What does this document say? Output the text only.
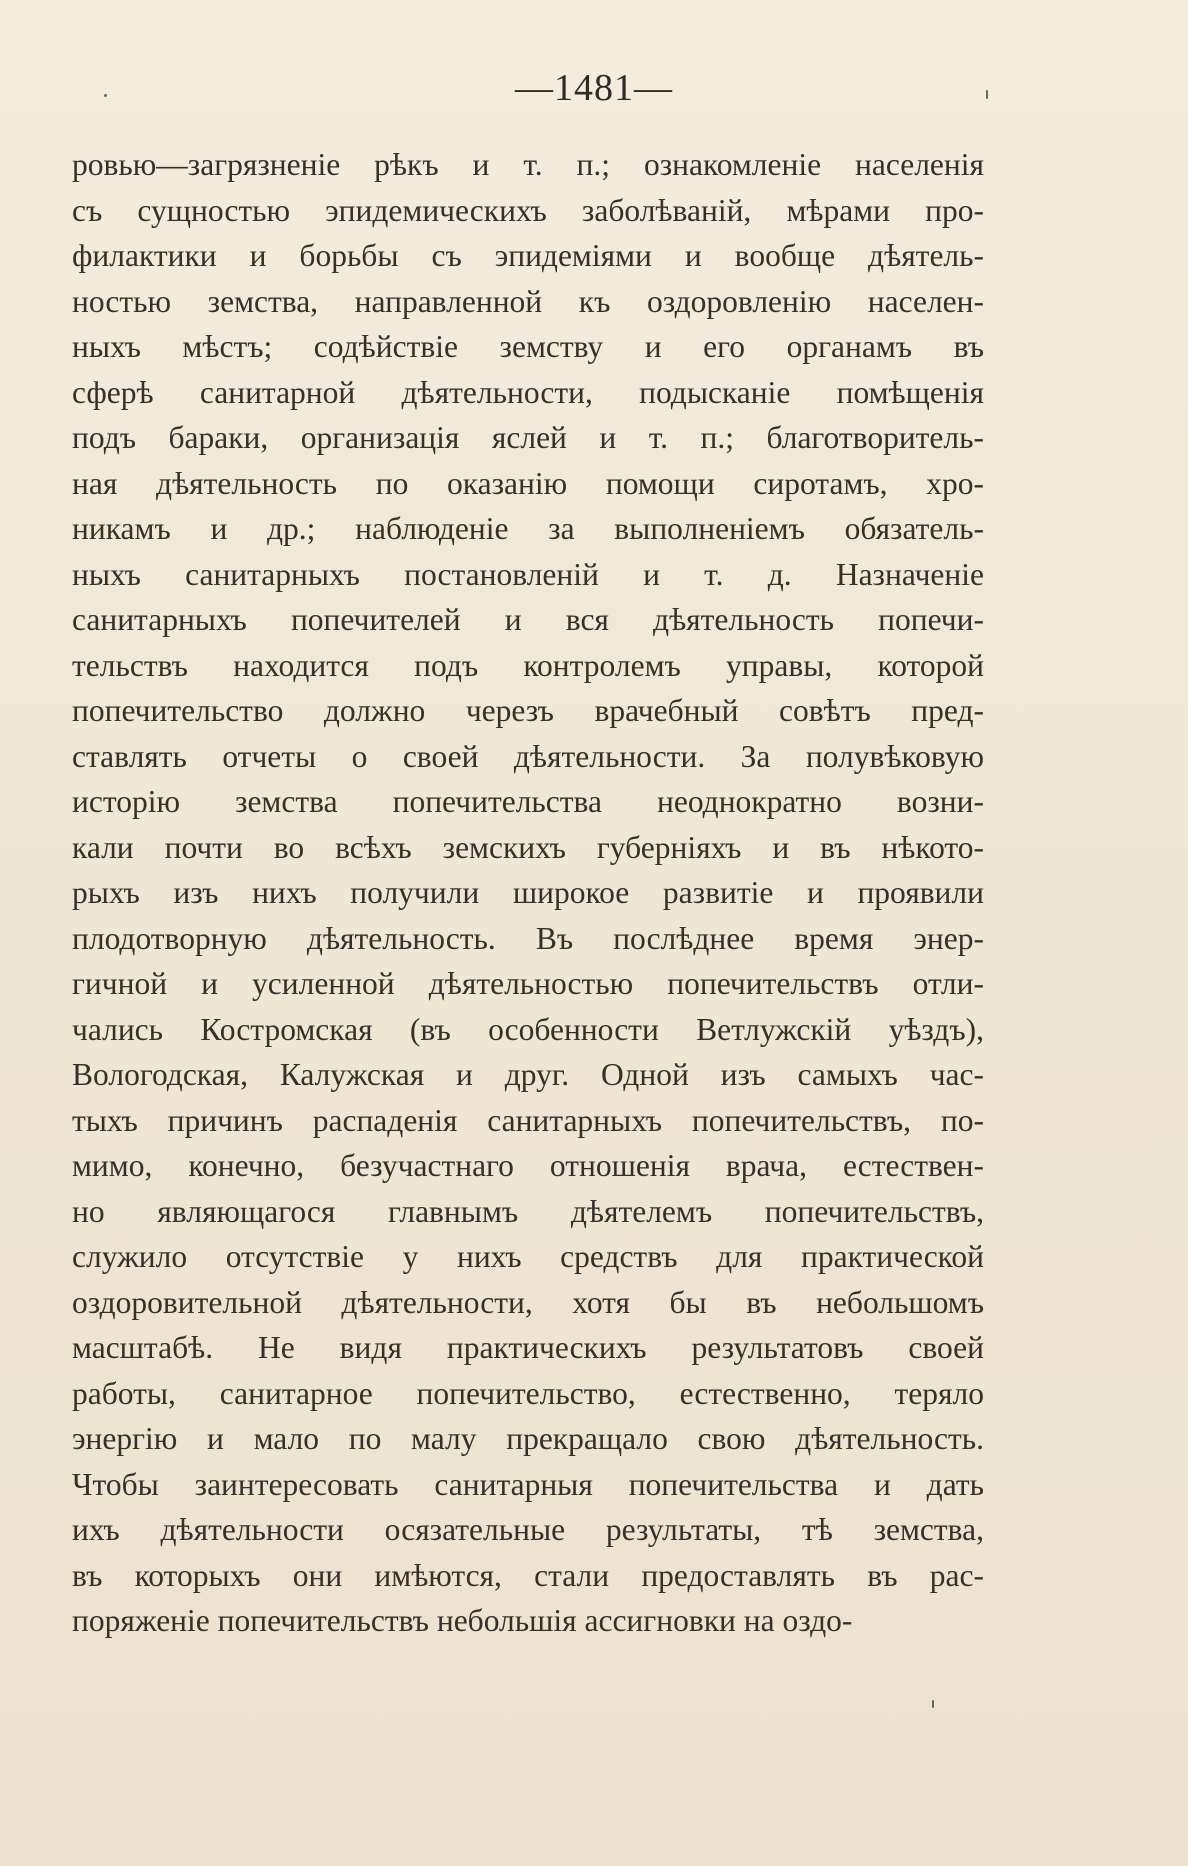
—1481—
ровью—загрязненіе рѣкъ и т. п.; ознакомленіе населенія
съ сущностью эпидемическихъ заболѣваній, мѣрами про-
филактики и борьбы съ эпидеміями и вообще дѣятель-
ностью земства, направленной къ оздоровленію населен-
ныхъ мѣстъ; содѣйствіе земству и его органамъ въ
сферѣ санитарной дѣятельности, подысканіе помѣщенія
подъ бараки, организація яслей и т. п.; благотворитель-
ная дѣятельность по оказанію помощи сиротамъ, хро-
никамъ и др.; наблюденіе за выполненіемъ обязатель-
ныхъ санитарныхъ постановленій и т. д. Назначеніе
санитарныхъ попечителей и вся дѣятельность попечи-
тельствъ находится подъ контролемъ управы, которой
попечительство должно черезъ врачебный совѣтъ пред-
ставлять отчеты о своей дѣятельности. За полувѣковую
исторію земства попечительства неоднократно возни-
кали почти во всѣхъ земскихъ губерніяхъ и въ нѣкото-
рыхъ изъ нихъ получили широкое развитіе и проявили
плодотворную дѣятельность. Въ послѣднее время энер-
гичной и усиленной дѣятельностью попечительствъ отли-
чались Костромская (въ особенности Ветлужскій уѣздъ),
Вологодская, Калужская и друг. Одной изъ самыхъ час-
тыхъ причинъ распаденія санитарныхъ попечительствъ, по-
мимо, конечно, безучастнаго отношенія врача, естествен-
но являющагося главнымъ дѣятелемъ попечительствъ,
служило отсутствіе у нихъ средствъ для практической
оздоровительной дѣятельности, хотя бы въ небольшомъ
масштабѣ. Не видя практическихъ результатовъ своей
работы, санитарное попечительство, естественно, теряло
энергію и мало по малу прекращало свою дѣятельность.
Чтобы заинтересовать санитарныя попечительства и дать
ихъ дѣятельности осязательные результаты, тѣ земства,
въ которыхъ они имѣются, стали предоставлять въ рас-
поряженіе попечительствъ небольшія ассигновки на оздо-
